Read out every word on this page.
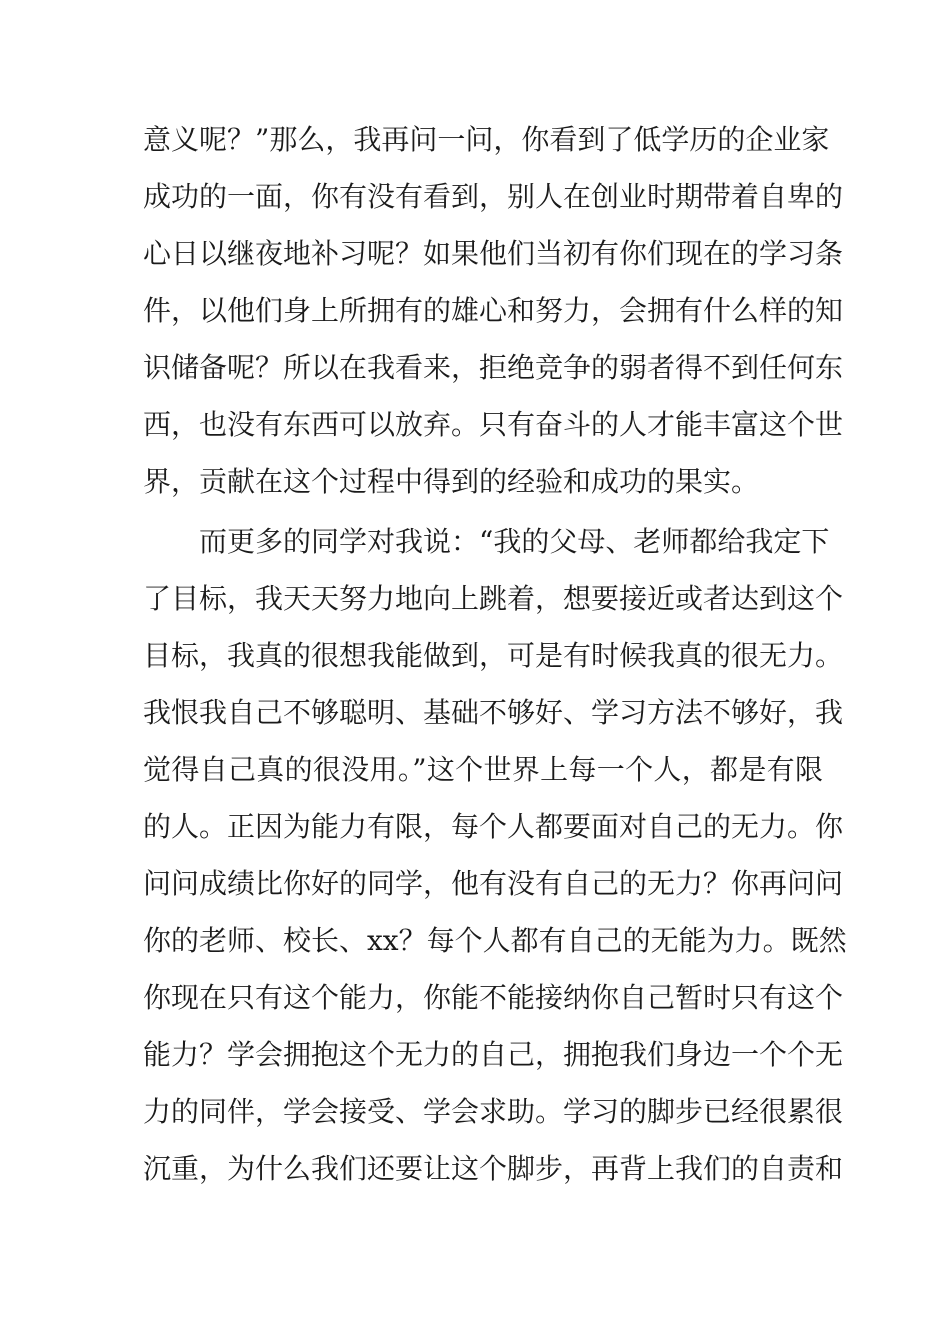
意义呢？”那么，我再问一问，你看到了低学历的企业家
成功的一面，你有没有看到，别人在创业时期带着自卑的
心日以继夜地补习呢？如果他们当初有你们现在的学习条
件，以他们身上所拥有的雄心和努力，会拥有什么样的知
识储备呢？所以在我看来，拒绝竞争的弱者得不到任何东
西，也没有东西可以放弃。只有奋斗的人才能丰富这个世
界，贡献在这个过程中得到的经验和成功的果实。
而更多的同学对我说：“我的父母、老师都给我定下
了目标，我天天努力地向上跳着，想要接近或者达到这个
目标，我真的很想我能做到，可是有时候我真的很无力。
我恨我自己不够聪明、基础不够好、学习方法不够好，我
觉得自己真的很没用。”这个世界上每一个人，都是有限
的人。正因为能力有限，每个人都要面对自己的无力。你
问问成绩比你好的同学，他有没有自己的无力？你再问问
你的老师、校长、xx？每个人都有自己的无能为力。既然
你现在只有这个能力，你能不能接纳你自己暂时只有这个
能力？学会拥抱这个无力的自己，拥抱我们身边一个个无
力的同伴，学会接受、学会求助。学习的脚步已经很累很
沉重，为什么我们还要让这个脚步，再背上我们的自责和
